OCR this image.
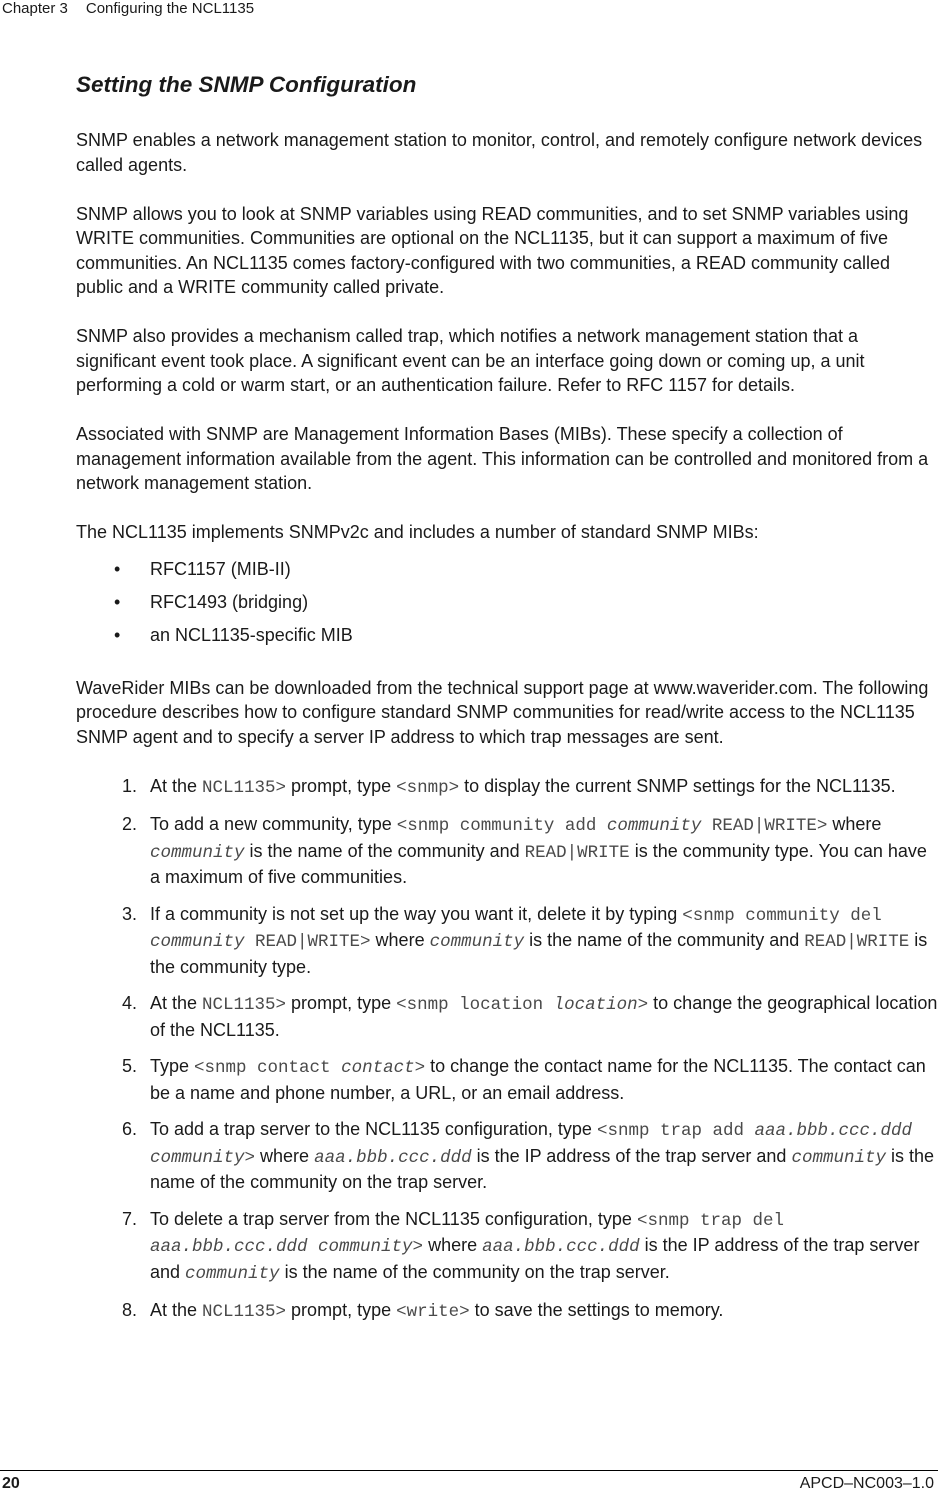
Chapter 3 Configuring the NCL1135
Setting the SNMP Configuration

SNMP enables a network management station to monitor, control, and remotely configure network devices called agents.

SNMP allows you to look at SNMP variables using READ communities, and to set SNMP variables using WRITE communities. Communities are optional on the NCL1135, but it can support a maximum of five communities. An NCL1135 comes factory-configured with two communities, a READ community called public and a WRITE community called private.

SNMP also provides a mechanism called trap, which notifies a network management station that a significant event took place. A significant event can be an interface going down or coming up, a unit performing a cold or warm start, or an authentication failure. Refer to RFC 1157 for details.

Associated with SNMP are Management Information Bases (MIBs). These specify a collection of management information available from the agent. This information can be controlled and monitored from a network management station.

The NCL1135 implements SNMPv2c and includes a number of standard SNMP MIBs:

• RFC1157 (MIB-II)
• RFC1493 (bridging)
• an NCL1135-specific MIB

WaveRider MIBs can be downloaded from the technical support page at www.waverider.com. The following procedure describes how to configure standard SNMP communities for read/write access to the NCL1135 SNMP agent and to specify a server IP address to which trap messages are sent.

1. At the NCL1135> prompt, type <snmp> to display the current SNMP settings for the NCL1135.
2. To add a new community, type <snmp community add community READ|WRITE> where community is the name of the community and READ|WRITE is the community type. You can have a maximum of five communities.
3. If a community is not set up the way you want it, delete it by typing <snmp community del community READ|WRITE> where community is the name of the community and READ|WRITE is the community type.
4. At the NCL1135> prompt, type <snmp location location> to change the geographical location of the NCL1135.
5. Type <snmp contact contact> to change the contact name for the NCL1135. The contact can be a name and phone number, a URL, or an email address.
6. To add a trap server to the NCL1135 configuration, type <snmp trap add aaa.bbb.ccc.ddd community> where aaa.bbb.ccc.ddd is the IP address of the trap server and community is the name of the community on the trap server.
7. To delete a trap server from the NCL1135 configuration, type <snmp trap del aaa.bbb.ccc.ddd community> where aaa.bbb.ccc.ddd is the IP address of the trap server and community is the name of the community on the trap server.
8. At the NCL1135> prompt, type <write> to save the settings to memory.
20	APCD–NC003–1.0
